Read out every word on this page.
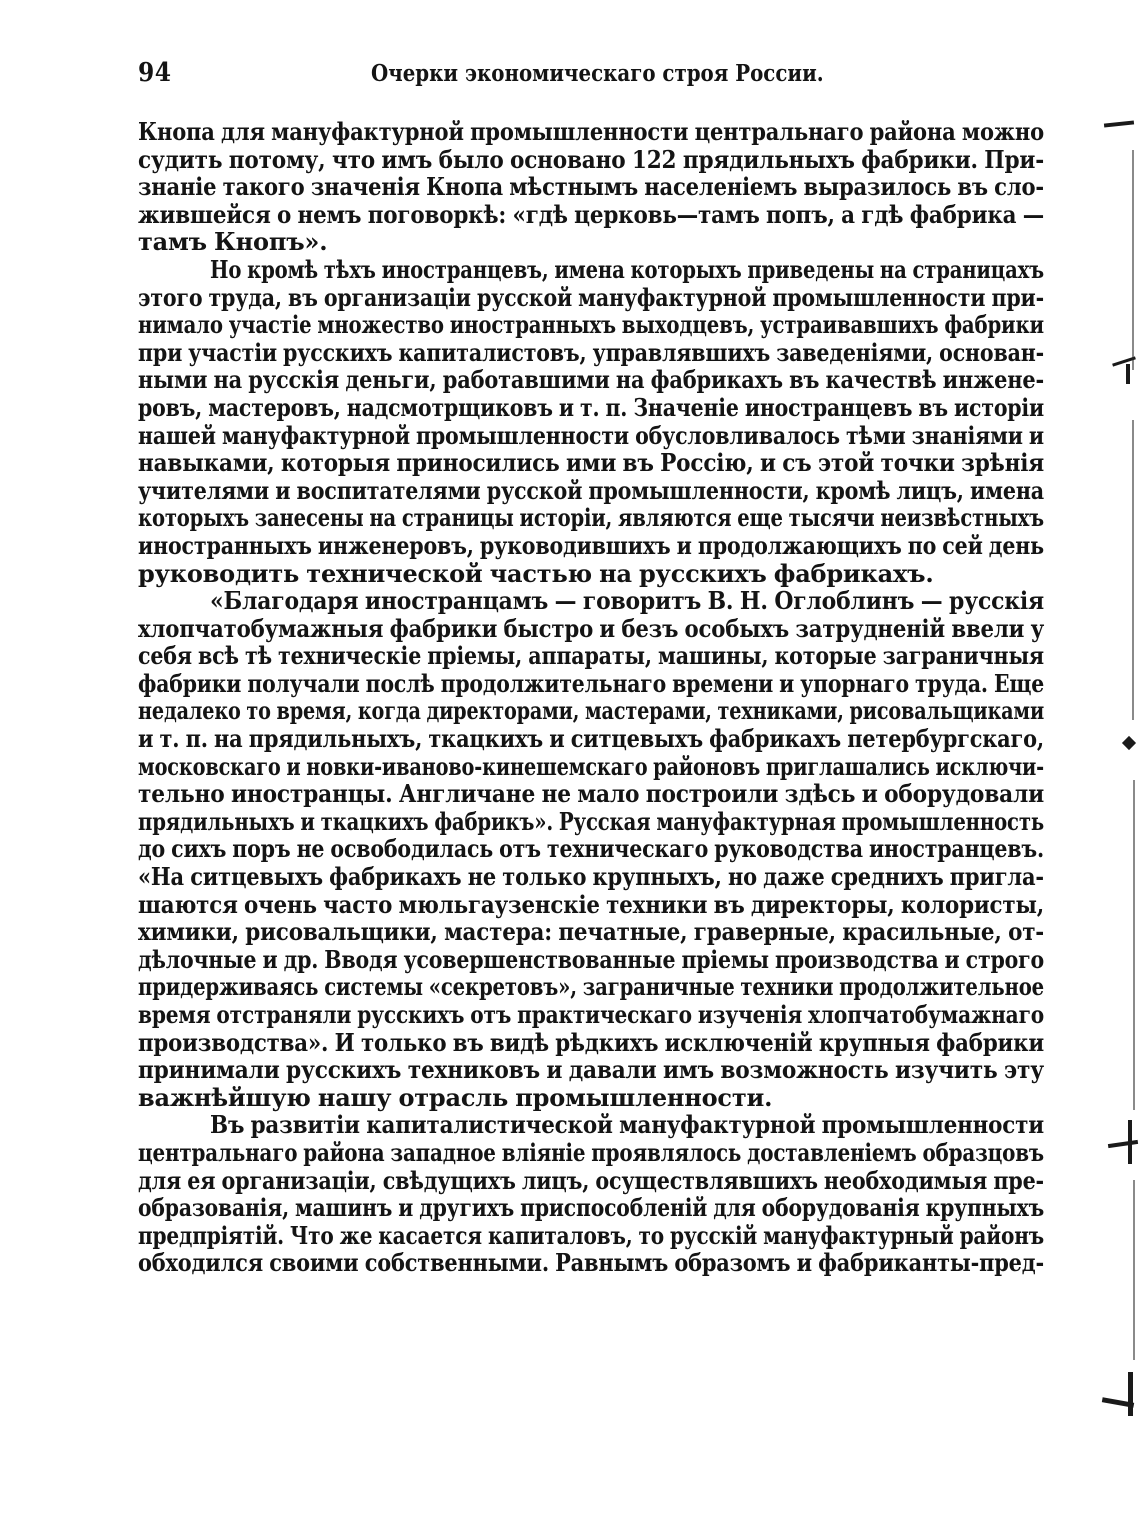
94	Очерки экономическаго строя России.
Кнопа для мануфактурной промышленности центральнаго района можно
судить потому, что имъ было основано 122 прядильныхъ фабрики. При-
знаніе такого значенія Кнопа мѣстнымъ населеніемъ выразилось въ сло-
жившейся о немъ поговоркѣ: «гдѣ церковь—тамъ попъ, а гдѣ фабрика —
тамъ Кнопъ».
Но кромѣ тѣхъ иностранцевъ, имена которыхъ приведены на страницахъ
этого труда, въ организаціи русской мануфактурной промышленности при-
нимало участіе множество иностранныхъ выходцевъ, устраивавшихъ фабрики
при участіи русскихъ капиталистовъ, управлявшихъ заведеніями, основан-
ными на русскія деньги, работавшими на фабрикахъ въ качествѣ инжене-
ровъ, мастеровъ, надсмотрщиковъ и т. п. Значеніе иностранцевъ въ исторіи
нашей мануфактурной промышленности обусловливалось тѣми знаніями и
навыками, которыя приносились ими въ Россію, и съ этой точки зрѣнія
учителями и воспитателями русской промышленности, кромѣ лицъ, имена
которыхъ занесены на страницы исторіи, являются еще тысячи неизвѣстныхъ
иностранныхъ инженеровъ, руководившихъ и продолжающихъ по сей день
руководить технической частью на русскихъ фабрикахъ.
«Благодаря иностранцамъ — говоритъ В. Н. Оглоблинъ — русскія
хлопчатобумажныя фабрики быстро и безъ особыхъ затрудненій ввели у
себя всѣ тѣ техническіе пріемы, аппараты, машины, которые заграничныя
фабрики получали послѣ продолжительнаго времени и упорнаго труда. Еще
недалеко то время, когда директорами, мастерами, техниками, рисовальщиками
и т. п. на прядильныхъ, ткацкихъ и ситцевыхъ фабрикахъ петербургскаго,
московскаго и новки-иваново-кинешемскаго районовъ приглашались исключи-
тельно иностранцы. Англичане не мало построили здѣсь и оборудовали
прядильныхъ и ткацкихъ фабрикъ». Русская мануфактурная промышленность
до сихъ поръ не освободилась отъ техническаго руководства иностранцевъ.
«На ситцевыхъ фабрикахъ не только крупныхъ, но даже среднихъ пригла-
шаются очень часто мюльгаузенскіе техники въ директоры, колористы,
химики, рисовальщики, мастера: печатные, граверные, красильные, от-
дѣлочные и др. Вводя усовершенствованные пріемы производства и строго
придерживаясь системы «секретовъ», заграничные техники продолжительное
время отстраняли русскихъ отъ практическаго изученія хлопчатобумажнаго
производства». И только въ видѣ рѣдкихъ исключеній крупныя фабрики
принимали русскихъ техниковъ и давали имъ возможность изучить эту
важнѣйшую нашу отрасль промышленности.
Въ развитіи капиталистической мануфактурной промышленности
центральнаго района западное вліяніе проявлялось доставленіемъ образцовъ
для ея организаціи, свѣдущихъ лицъ, осуществлявшихъ необходимыя пре-
образованія, машинъ и другихъ приспособленій для оборудованія крупныхъ
предпріятій. Что же касается капиталовъ, то русскій мануфактурный районъ
обходился своими собственными. Равнымъ образомъ и фабриканты-пред-
